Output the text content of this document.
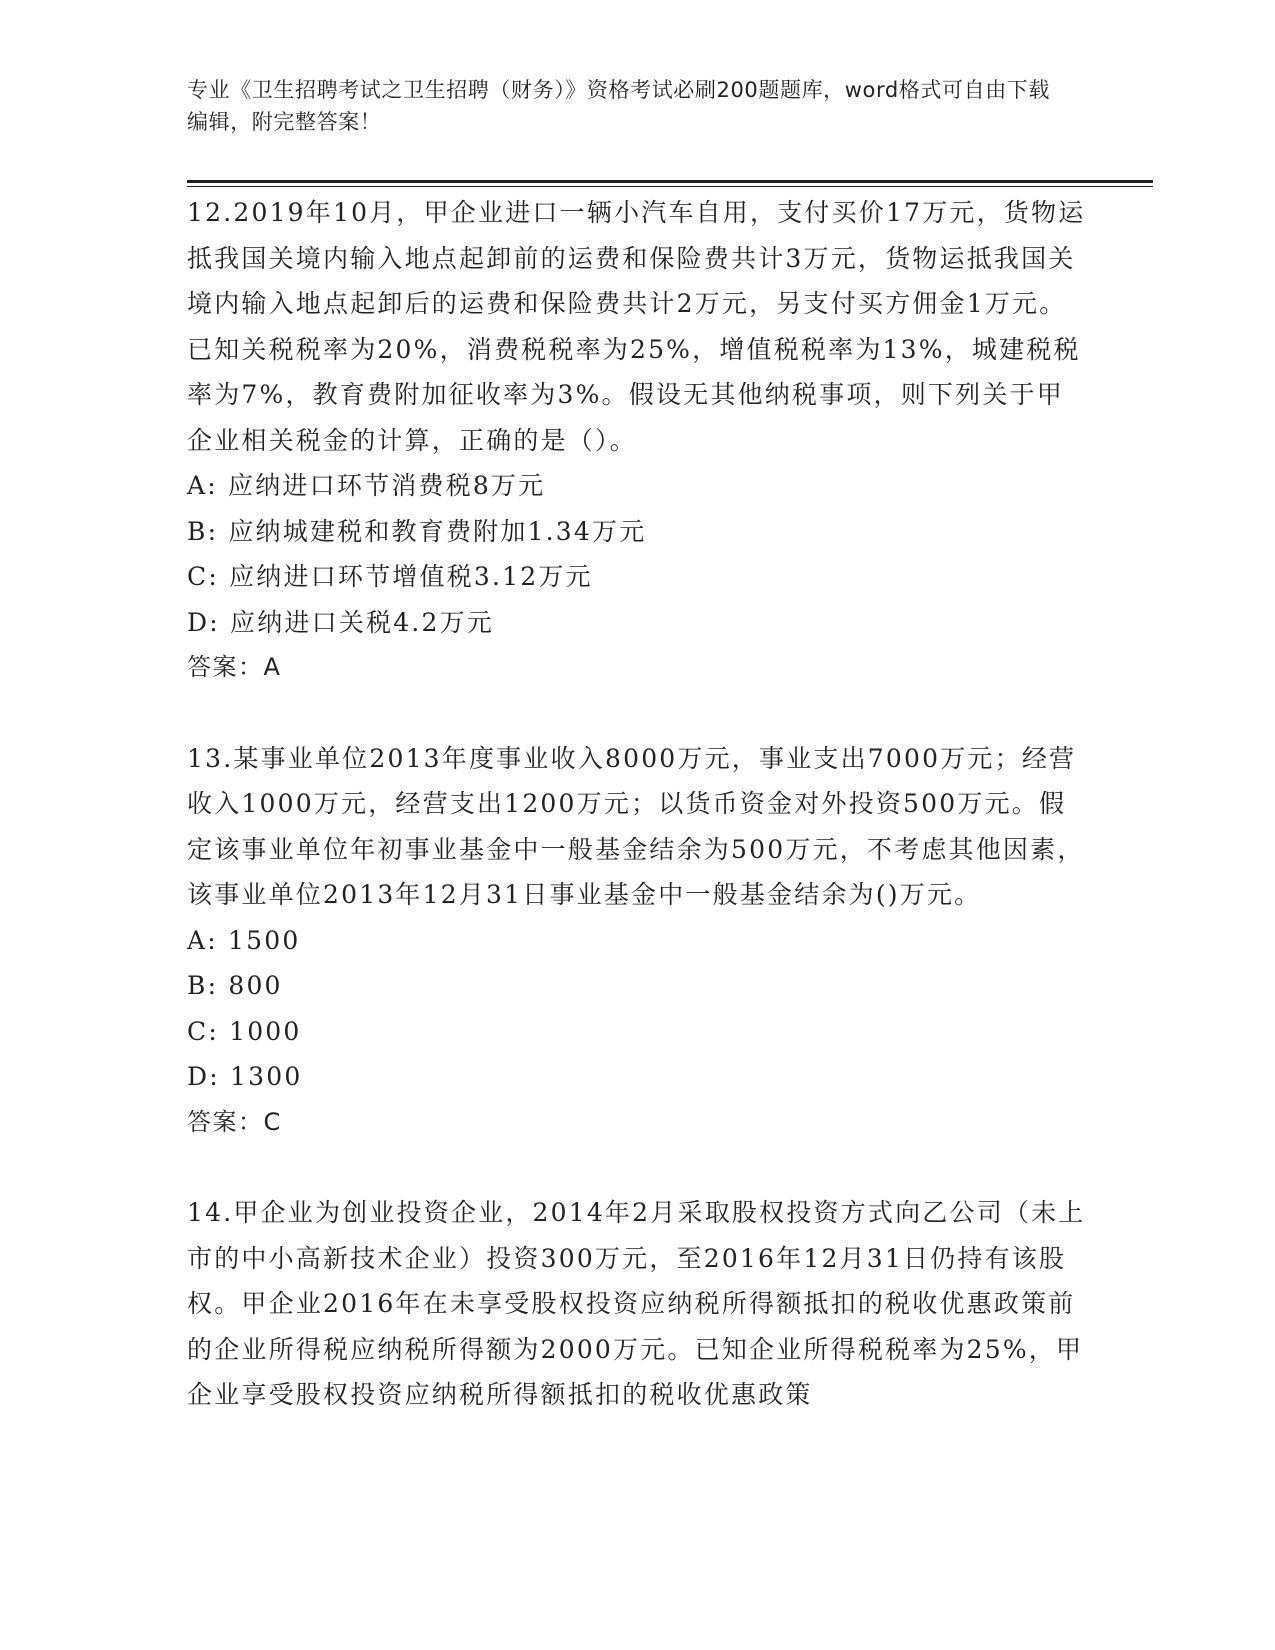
专业《卫生招聘考试之卫生招聘（财务）》资格考试必刷200题题库，word格式可自由下载编辑，附完整答案！

12.2019年10月，甲企业进口一辆小汽车自用，支付买价17万元，货物运抵我国关境内输入地点起卸前的运费和保险费共计3万元，货物运抵我国关境内输入地点起卸后的运费和保险费共计2万元，另支付买方佣金1万元。已知关税税率为20%，消费税税率为25%，增值税税率为13%，城建税税率为7%，教育费附加征收率为3%。假设无其他纳税事项，则下列关于甲企业相关税金的计算，正确的是（）。

A: 应纳进口环节消费税8万元

B: 应纳城建税和教育费附加1.34万元

C: 应纳进口环节增值税3.12万元

D: 应纳进口关税4.2万元

答案：A

13.某事业单位2013年度事业收入8000万元，事业支出7000万元；经营收入1000万元，经营支出1200万元；以货币资金对外投资500万元。假定该事业单位年初事业基金中一般基金结余为500万元，不考虑其他因素，该事业单位2013年12月31日事业基金中一般基金结余为()万元。

A: 1500

B: 800

C: 1000

D: 1300

答案：C

14.甲企业为创业投资企业，2014年2月采取股权投资方式向乙公司（未上市的中小高新技术企业）投资300万元，至2016年12月31日仍持有该股权。甲企业2016年在未享受股权投资应纳税所得额抵扣的税收优惠政策前的企业所得税应纳税所得额为2000万元。已知企业所得税税率为25%，甲企业享受股权投资应纳税所得额抵扣的税收优惠政策
